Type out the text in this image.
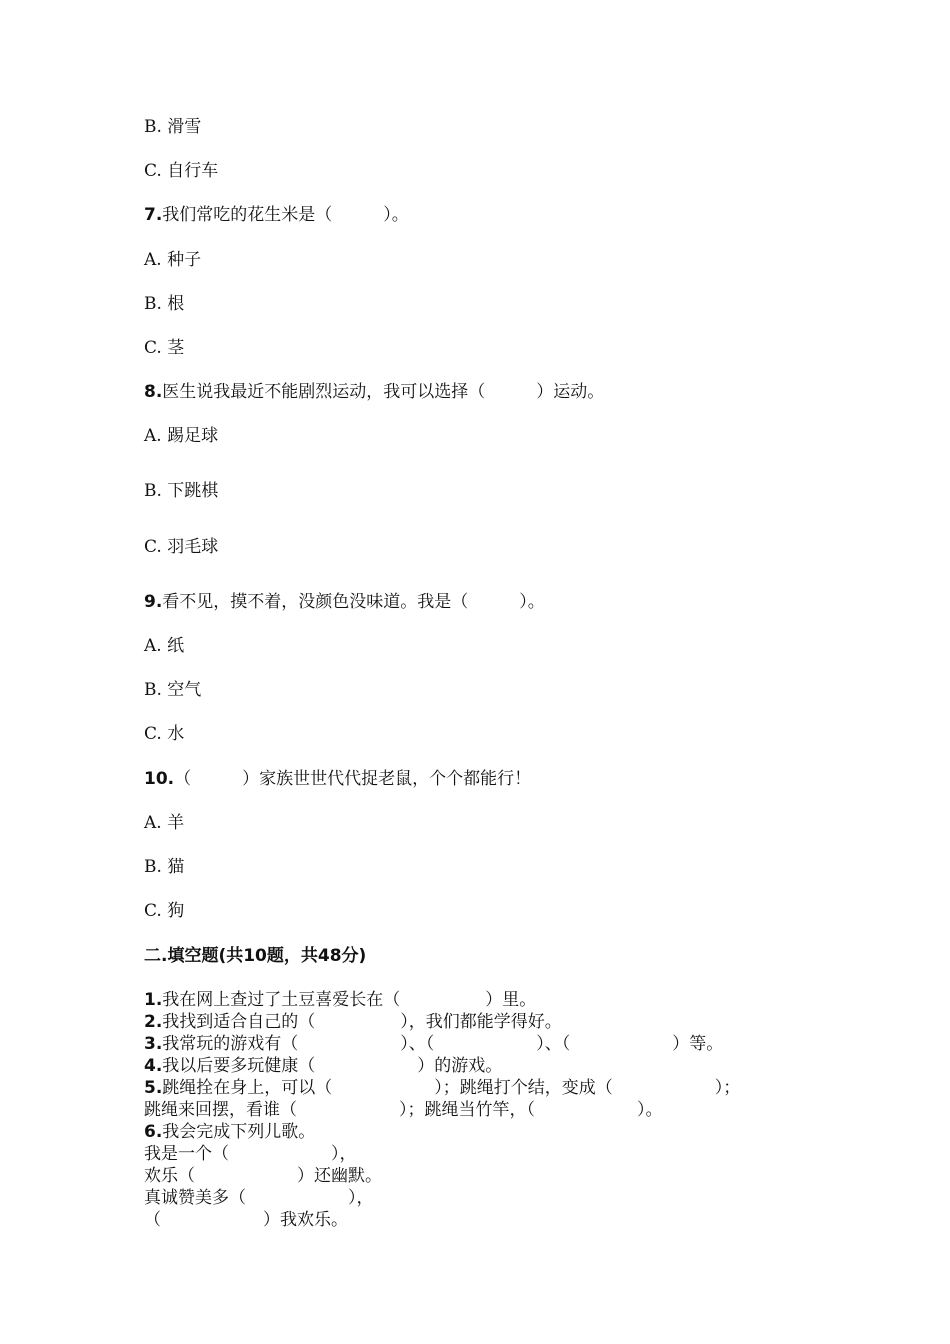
B. 滑雪
C. 自行车
7.我们常吃的花生米是（　　　）。
A. 种子
B. 根
C. 茎
8.医生说我最近不能剧烈运动，我可以选择（　　　）运动。
A. 踢足球
B. 下跳棋
C. 羽毛球
9.看不见，摸不着，没颜色没味道。我是（　　　）。
A. 纸
B. 空气
C. 水
10.（　　　）家族世世代代捉老鼠，个个都能行！
A. 羊
B. 猫
C. 狗
二.填空题(共10题，共48分)
1.我在网上查过了土豆喜爱长在（　　　　　）里。
2.我找到适合自己的（　　　　　），我们都能学得好。
3.我常玩的游戏有（　　　　　　）、（　　　　　　）、（　　　　　　）等。
4.我以后要多玩健康（　　　　　　）的游戏。
5.跳绳拴在身上，可以（　　　　　　）；跳绳打个结，变成（　　　　　　）；
跳绳来回摆，看谁（　　　　　　）；跳绳当竹竿，（　　　　　　）。
6.我会完成下列儿歌。
我是一个（　　　　　　），
欢乐（　　　　　　）还幽默。
真诚赞美多（　　　　　　），
（　　　　　　）我欢乐。
